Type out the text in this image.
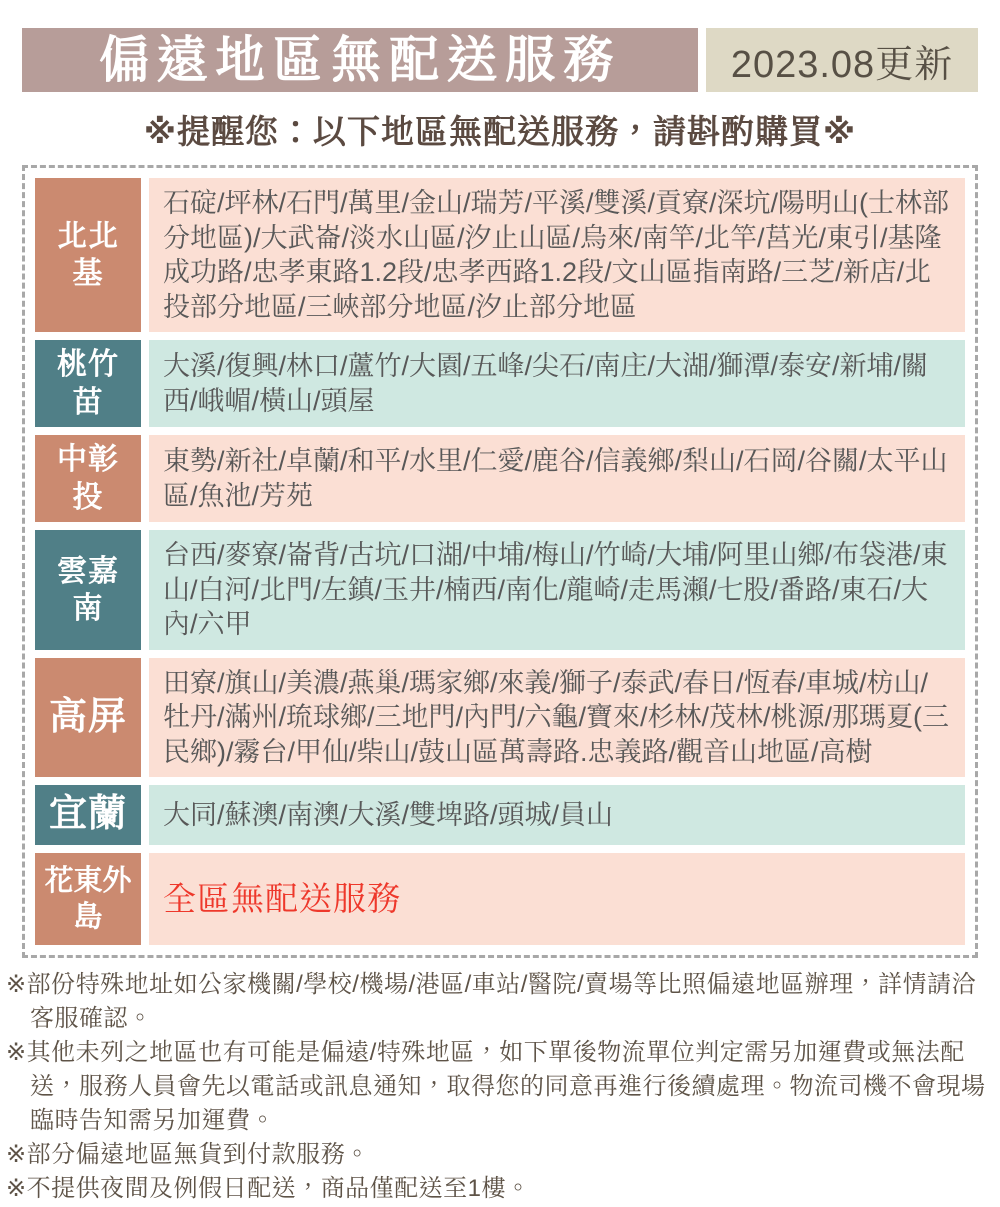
偏遠地區無配送服務	2023.08更新
※提醒您：以下地區無配送服務，請斟酌購買※
北北基
石碇/坪林/石門/萬里/金山/瑞芳/平溪/雙溪/貢寮/深坑/陽明山(士林部分地區)/大武崙/淡水山區/汐止山區/烏來/南竿/北竿/莒光/東引/基隆成功路/忠孝東路1.2段/忠孝西路1.2段/文山區指南路/三芝/新店/北投部分地區/三峽部分地區/汐止部分地區
桃竹苗
大溪/復興/林口/蘆竹/大園/五峰/尖石/南庄/大湖/獅潭/泰安/新埔/關西/峨嵋/橫山/頭屋
中彰投
東勢/新社/卓蘭/和平/水里/仁愛/鹿谷/信義鄉/梨山/石岡/谷關/太平山區/魚池/芳苑
雲嘉南
台西/麥寮/崙背/古坑/口湖/中埔/梅山/竹崎/大埔/阿里山鄉/布袋港/東山/白河/北門/左鎮/玉井/楠西/南化/龍崎/走馬瀨/七股/番路/東石/大內/六甲
高屏
田寮/旗山/美濃/燕巢/瑪家鄉/來義/獅子/泰武/春日/恆春/車城/枋山/牡丹/滿州/琉球鄉/三地門/內門/六龜/寶來/杉林/茂林/桃源/那瑪夏(三民鄉)/霧台/甲仙/柴山/鼓山區萬壽路.忠義路/觀音山地區/高樹
宜蘭	大同/蘇澳/南澳/大溪/雙埤路/頭城/員山
花東外島
全區無配送服務
※部份特殊地址如公家機關/學校/機場/港區/車站/醫院/賣場等比照偏遠地區辦理，詳情請洽客服確認。
※其他未列之地區也有可能是偏遠/特殊地區，如下單後物流單位判定需另加運費或無法配送，服務人員會先以電話或訊息通知，取得您的同意再進行後續處理。物流司機不會現場臨時告知需另加運費。
※部分偏遠地區無貨到付款服務。
※不提供夜間及例假日配送，商品僅配送至1樓。
